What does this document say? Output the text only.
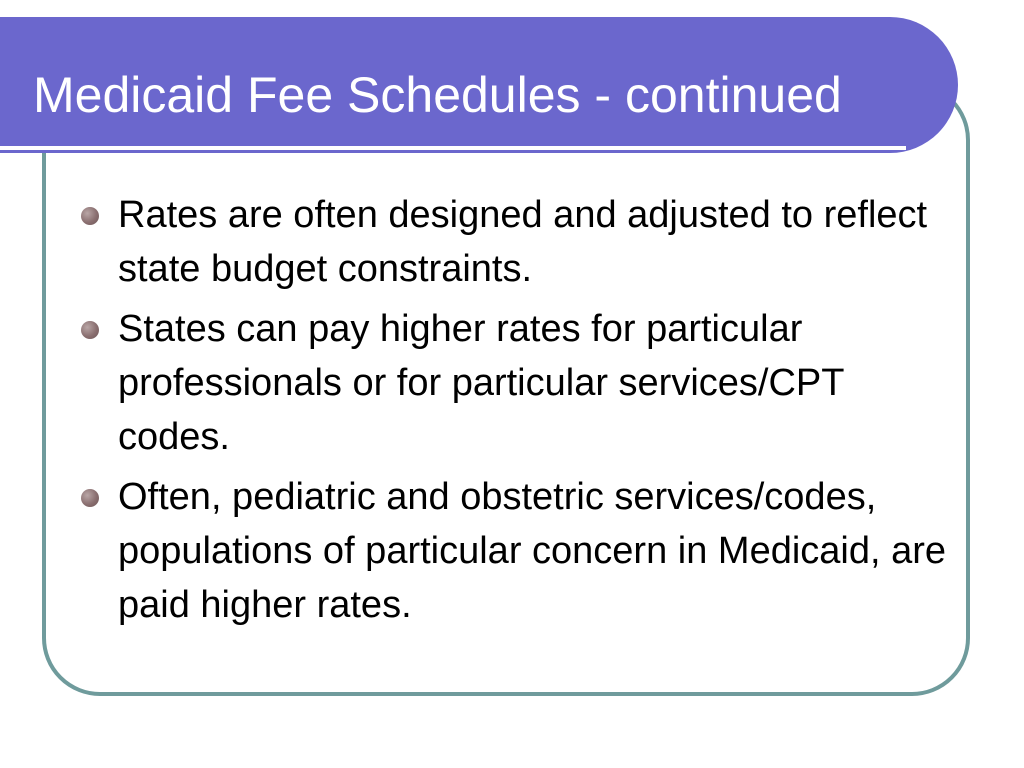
Medicaid Fee Schedules - continued
Rates are often designed and adjusted to reflect state budget constraints.
States can pay higher rates for particular professionals or for particular services/CPT codes.
Often, pediatric and obstetric services/codes, populations of particular concern in Medicaid, are paid higher rates.
